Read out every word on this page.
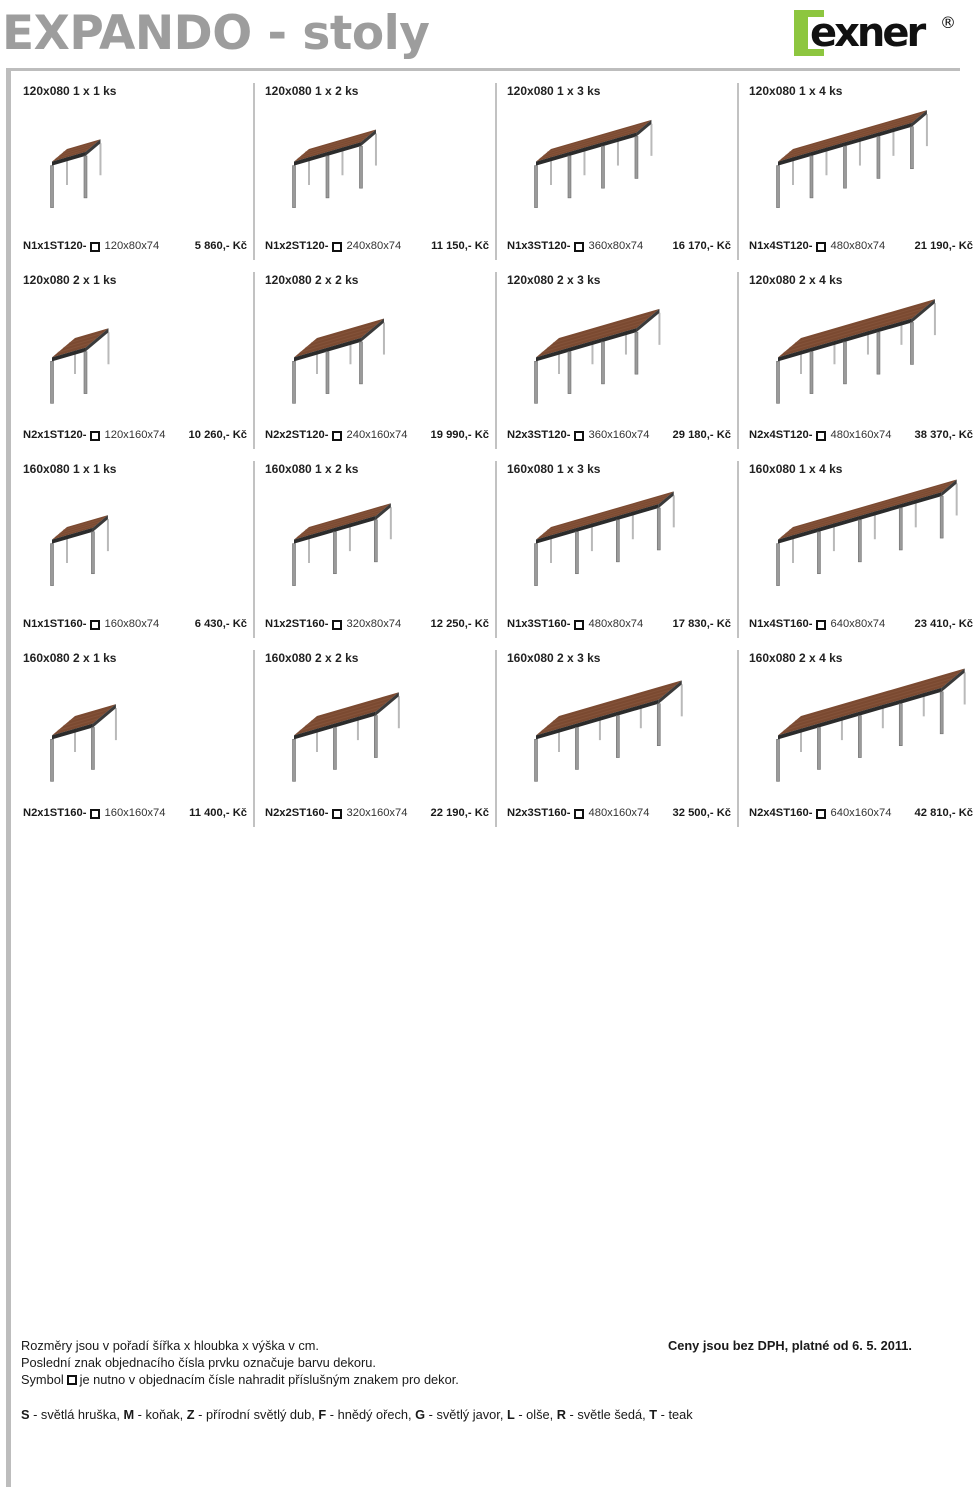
EXPANDO - stoly	exner ®
120x080 1 x 1 ks
N1x1ST120- 120x80x74	5 860,- Kč
120x080 1 x 2 ks
N1x2ST120- 240x80x74	11 150,- Kč
120x080 1 x 3 ks
N1x3ST120- 360x80x74	16 170,- Kč
120x080 1 x 4 ks
N1x4ST120- 480x80x74	21 190,- Kč
120x080 2 x 1 ks
N2x1ST120- 120x160x74 10 260,- Kč
120x080 2 x 2 ks
N2x2ST120- 240x160x74 19 990,- Kč
120x080 2 x 3 ks
N2x3ST120- 360x160x74 29 180,- Kč
120x080 2 x 4 ks
N2x4ST120- 480x160x74 38 370,- Kč
160x080 1 x 1 ks
N1x1ST160- 160x80x74	6 430,- Kč
160x080 1 x 2 ks
N1x2ST160- 320x80x74	12 250,- Kč
160x080 1 x 3 ks
N1x3ST160- 480x80x74	17 830,- Kč
160x080 1 x 4 ks
N1x4ST160- 640x80x74	23 410,- Kč
160x080 2 x 1 ks
N2x1ST160- 160x160x74 11 400,- Kč
160x080 2 x 2 ks
N2x2ST160- 320x160x74 22 190,- Kč
160x080 2 x 3 ks
N2x3ST160- 480x160x74 32 500,- Kč
160x080 2 x 4 ks
N2x4ST160- 640x160x74 42 810,- Kč
Rozměry jsou v pořadí šířka x hloubka x výška v cm.
Poslední znak objednacího čísla prvku označuje barvu dekoru.
Symbol je nutno v objednacím čísle nahradit příslušným znakem pro dekor.
Ceny jsou bez DPH, platné od 6. 5. 2011.
S - světlá hruška, M - koňak, Z - přírodní světlý dub, F - hnědý ořech, G - světlý javor, L - olše, R - světle šedá, T - teak
